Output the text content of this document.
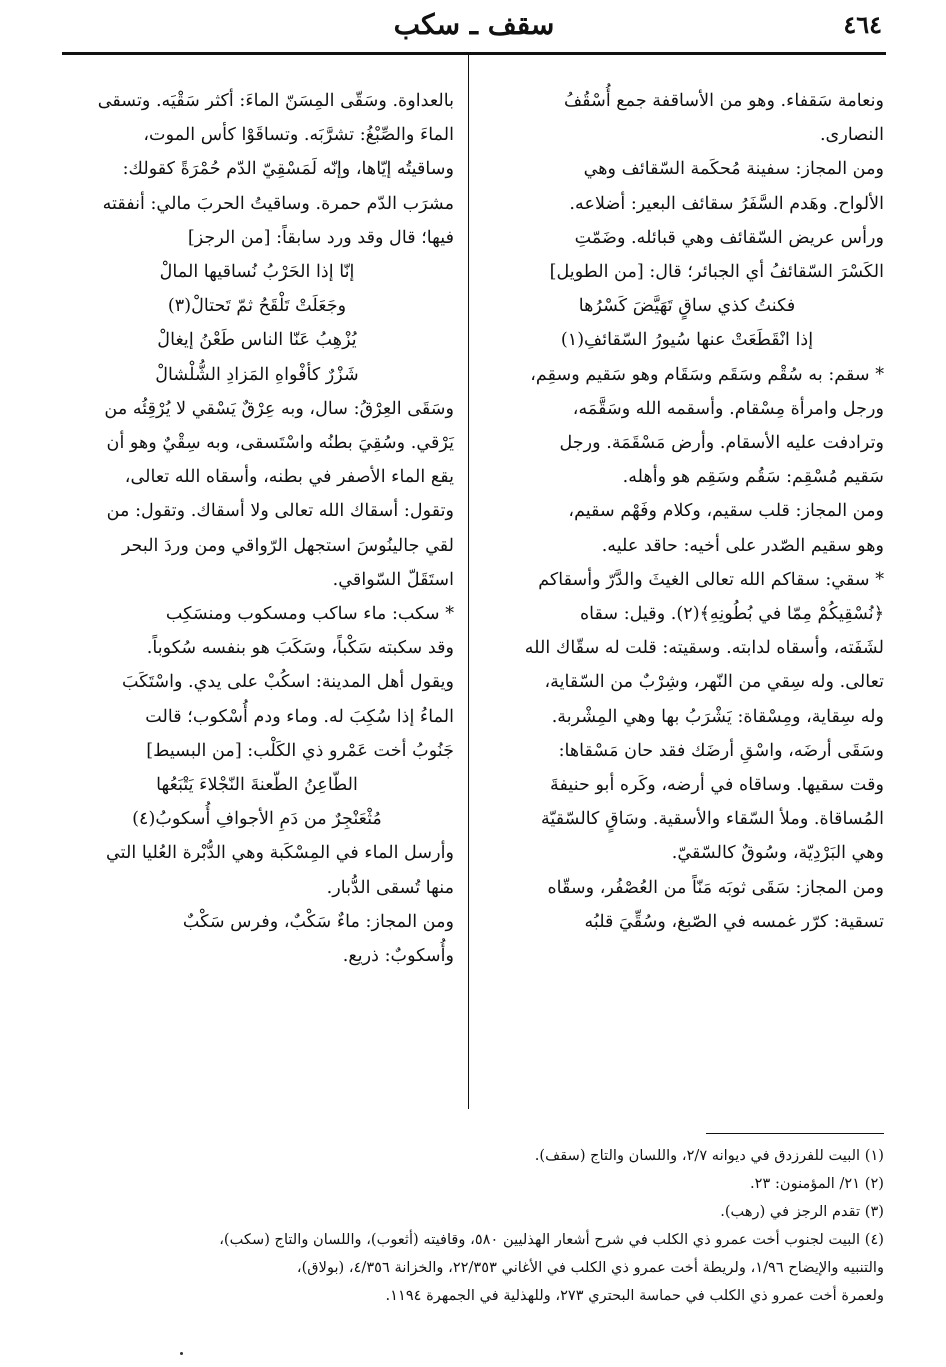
٤٦٤
سقف ـ سكب

ونعامة سَقفاء. وهو من الأساقفة جمع أُسْقُفُ

النصارى.

ومن المجاز: سفينة مُحكَمة السّقائف وهي

الألواح. وهَدم السَّفَرُ سقائف البعير: أضلاعه.

ورأس عريض السّقائف وهي قبائله. وضَمّتِ

الكَسْرَ السّقائفُ أي الجبائر؛ قال: [من الطويل]

فكنتُ كذي ساقٍ تَهَيَّضَ كَسْرُها

إذا انْقَطَعَتْ عنها سُيورُ السّقائفِ(١)

* سقم: به سُقْم وسَقَم وسَقَام وهو سَقيم وسقِم،

ورجل وامرأة مِسْقام. وأسقمه الله وسَقَّمَه،

وترادفت عليه الأسقام. وأرض مَسْقَمَة. ورجل

سَقيم مُسْقِم: سَقُم وسَقِم هو وأهله.

ومن المجاز: قلب سقيم، وكلام وفَهْم سقيم،

وهو سقيم الصّدر على أخيه: حاقد عليه.

* سقي: سقاكم الله تعالى الغيثَ والدَّرّ وأسقاكم

﴿نُسْقِيكُمْ مِمّا في بُطُونِهِ﴾(٢). وقيل: سقاه

لشَفَته، وأسقاه لدابته. وسقيته: قلت له سقّاك الله

تعالى. وله سِقي من النّهر، وشِرْبٌ من السّقاية،

وله سِقاية، ومِسْقاة: يَشْرَبُ بها وهي المِشْربة.

وسَقَى أرضَه، واسْقِ أرضَك فقد حان مَسْقاها:

وقت سقيها. وساقاه في أرضه، وكَره أبو حنيفةَ

المُساقاة. وملأ السّقاء والأسقية. وسَاقٍ كالسّقيّة

وهي البَرْدِيّة، وسُوقٌ كالسّقيّ.

ومن المجاز: سَقَى ثوبَه مَنّاً من العُصْفُر، وسقّاه

تسقية: كرّر غمسه في الصّبغ، وسُقِّيَ قلبُه

بالعداوة. وسَقّى المِسَنّ الماءَ: أكثر سَقْيَه. وتسقى

الماءَ والصِّبْغُ: تشرَّبَه. وتساقَوْا كأس الموت،

وساقيتُه إيّاها، وإنّه لَمَسْقِيّ الدّم حُمْرَةً كقولك:

مشرَب الدّم حمرة. وساقيتُ الحربَ مالي: أنفقته

فيها؛ قال وقد ورد سابقاً: [من الرجز]

إنّا إذا الحَرْبُ نُساقيها المالْ

وجَعَلَتْ تَلْقَحُ ثمّ تَحتالْ(٣)

يُزْهِبُ عَنّا الناس طَعْنُ إيغالْ

شَزْرٌ كأفْواهِ المَزادِ الشُّلْشالْ

وسَقَى العِرْقُ: سال، وبه عِرْقٌ يَسْقي لا يُرْقِئُه من

يَرْقي. وسُقِيَ بطنُه واسْتَسقى، وبه سِقْيٌ وهو أن

يقع الماء الأصفر في بطنه، وأسقاه الله تعالى،

وتقول: أسقاك الله تعالى ولا أسقاك. وتقول: من

لقي جالينُوسَ استجهل الرّواقي ومن وردَ البحر

استَقَلّ السّواقي.

* سكب: ماء ساكب ومسكوب ومنسَكِب

وقد سكبته سَكْباً، وسَكَبَ هو بنفسه سُكوباً.

ويقول أهل المدينة: اسكُبْ على يدي. واسْتَكَبَ

الماءُ إذا سُكِبَ له. وماء ودم أُسْكوب؛ قالت

جَنُوبُ أخت عَمْرو ذي الكَلْب: [من البسيط]

الطّاعِنُ الطّعنةَ النّجْلاءَ يَتْبَعُها

مُثْعَنْجِرٌ من دَمِ الأجوافِ أُسكوبُ(٤)

وأرسل الماء في المِسْكَبة وهي الدُّبْرة العُليا التي

منها تُسقى الدُّبار.

ومن المجاز: ماءٌ سَكْبٌ، وفرس سَكْبٌ

وأُسكوبٌ: ذريع.

(١) البيت للفرزدق في ديوانه ٢/٧، واللسان والتاج (سقف).

(٢) ٢١/ المؤمنون: ٢٣.

(٣) تقدم الرجز في (رهب).

(٤) البيت لجنوب أخت عمرو ذي الكلب في شرح أشعار الهذليين ٥٨٠، وقافيته (أثعوب)، واللسان والتاج (سكب)،

والتنبيه والإيضاح ١/٩٦، ولريطة أخت عمرو ذي الكلب في الأغاني ٢٢/٣٥٣، والخزانة ٤/٣٥٦، (بولاق)،

ولعمرة أخت عمرو ذي الكلب في حماسة البحتري ٢٧٣، وللهذلية في الجمهرة ١١٩٤.
